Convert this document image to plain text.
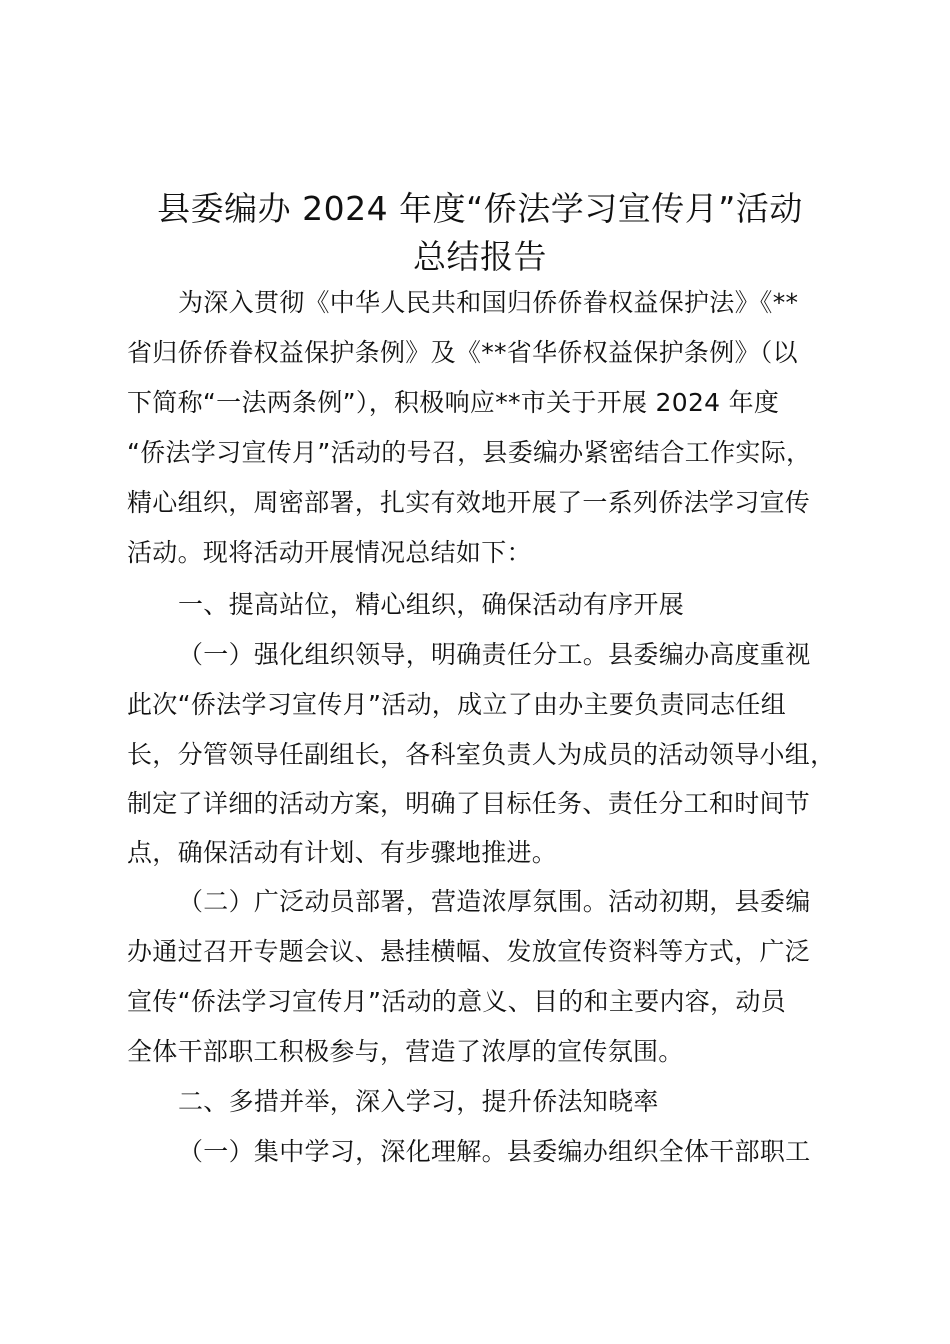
县委编办 2024 年度“侨法学习宣传月”活动
总结报告
为深入贯彻《中华人民共和国归侨侨眷权益保护法》《**
省归侨侨眷权益保护条例》及《**省华侨权益保护条例》（以
下简称“一法两条例”），积极响应**市关于开展 2024 年度
“侨法学习宣传月”活动的号召，县委编办紧密结合工作实际，
精心组织，周密部署，扎实有效地开展了一系列侨法学习宣传
活动。现将活动开展情况总结如下：
一、提高站位，精心组织，确保活动有序开展
（一）强化组织领导，明确责任分工。县委编办高度重视
此次“侨法学习宣传月”活动，成立了由办主要负责同志任组
长，分管领导任副组长，各科室负责人为成员的活动领导小组，
制定了详细的活动方案，明确了目标任务、责任分工和时间节
点，确保活动有计划、有步骤地推进。
（二）广泛动员部署，营造浓厚氛围。活动初期，县委编
办通过召开专题会议、悬挂横幅、发放宣传资料等方式，广泛
宣传“侨法学习宣传月”活动的意义、目的和主要内容，动员
全体干部职工积极参与，营造了浓厚的宣传氛围。
二、多措并举，深入学习，提升侨法知晓率
（一）集中学习，深化理解。县委编办组织全体干部职工
